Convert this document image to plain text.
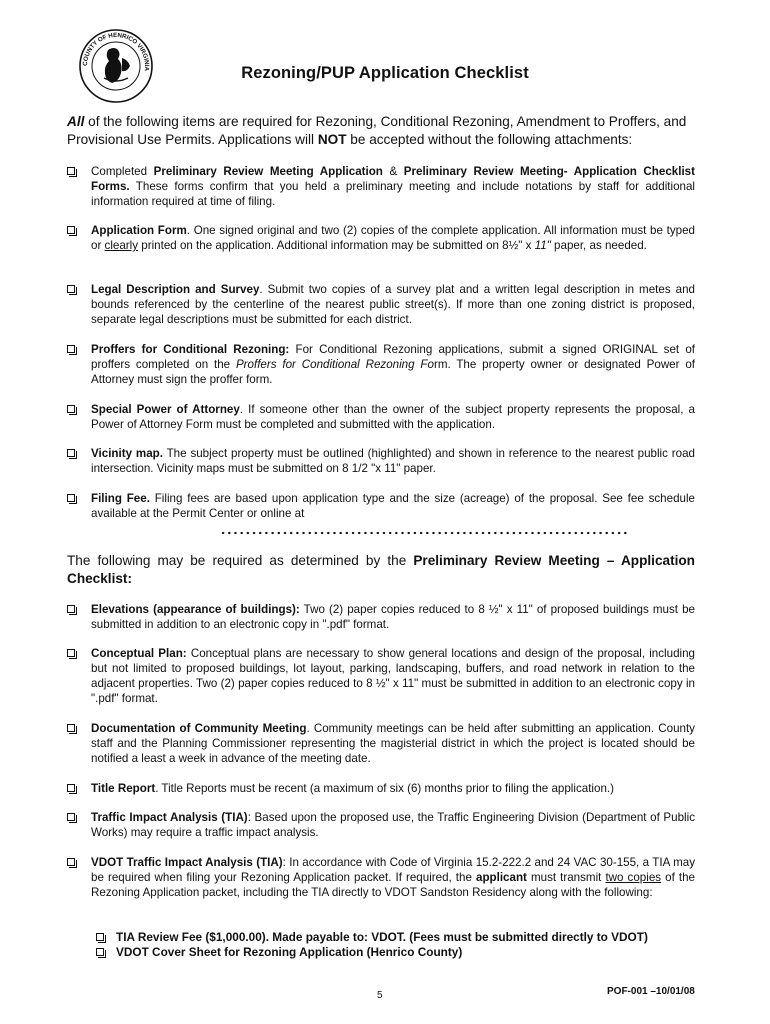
COUNTY OF HENRICO VIRGINIA	Rezoning/PUP Application Checklist
All of the following items are required for Rezoning, Conditional Rezoning, Amendment to Proffers, and Provisional Use Permits. Applications will NOT be accepted without the following attachments:
Completed Preliminary Review Meeting Application & Preliminary Review Meeting- Application Checklist Forms. These forms confirm that you held a preliminary meeting and include notations by staff for additional information required at time of filing.
Application Form. One signed original and two (2) copies of the complete application. All information must be typed or clearly printed on the application. Additional information may be submitted on 8½" x 11" paper, as needed.
Legal Description and Survey. Submit two copies of a survey plat and a written legal description in metes and bounds referenced by the centerline of the nearest public street(s). If more than one zoning district is proposed, separate legal descriptions must be submitted for each district.
Proffers for Conditional Rezoning: For Conditional Rezoning applications, submit a signed ORIGINAL set of proffers completed on the Proffers for Conditional Rezoning Form. The property owner or designated Power of Attorney must sign the proffer form.
Special Power of Attorney. If someone other than the owner of the subject property represents the proposal, a Power of Attorney Form must be completed and submitted with the application.
Vicinity map. The subject property must be outlined (highlighted) and shown in reference to the nearest public road intersection. Vicinity maps must be submitted on 8 1/2 "x 11" paper.
Filing Fee. Filing fees are based upon application type and the size (acreage) of the proposal. See fee schedule available at the Permit Center or online at
The following may be required as determined by the Preliminary Review Meeting – Application Checklist:
Elevations (appearance of buildings): Two (2) paper copies reduced to 8 ½" x 11" of proposed buildings must be submitted in addition to an electronic copy in ".pdf" format.
Conceptual Plan: Conceptual plans are necessary to show general locations and design of the proposal, including but not limited to proposed buildings, lot layout, parking, landscaping, buffers, and road network in relation to the adjacent properties. Two (2) paper copies reduced to 8 ½" x 11" must be submitted in addition to an electronic copy in ".pdf" format.
Documentation of Community Meeting. Community meetings can be held after submitting an application. County staff and the Planning Commissioner representing the magisterial district in which the project is located should be notified a least a week in advance of the meeting date.
Title Report. Title Reports must be recent (a maximum of six (6) months prior to filing the application.)
Traffic Impact Analysis (TIA): Based upon the proposed use, the Traffic Engineering Division (Department of Public Works) may require a traffic impact analysis.
VDOT Traffic Impact Analysis (TIA): In accordance with Code of Virginia 15.2-222.2 and 24 VAC 30-155, a TIA may be required when filing your Rezoning Application packet. If required, the applicant must transmit two copies of the Rezoning Application packet, including the TIA directly to VDOT Sandston Residency along with the following:
TIA Review Fee ($1,000.00). Made payable to: VDOT. (Fees must be submitted directly to VDOT)
VDOT Cover Sheet for Rezoning Application (Henrico County)
5	POF-001 –10/01/08
